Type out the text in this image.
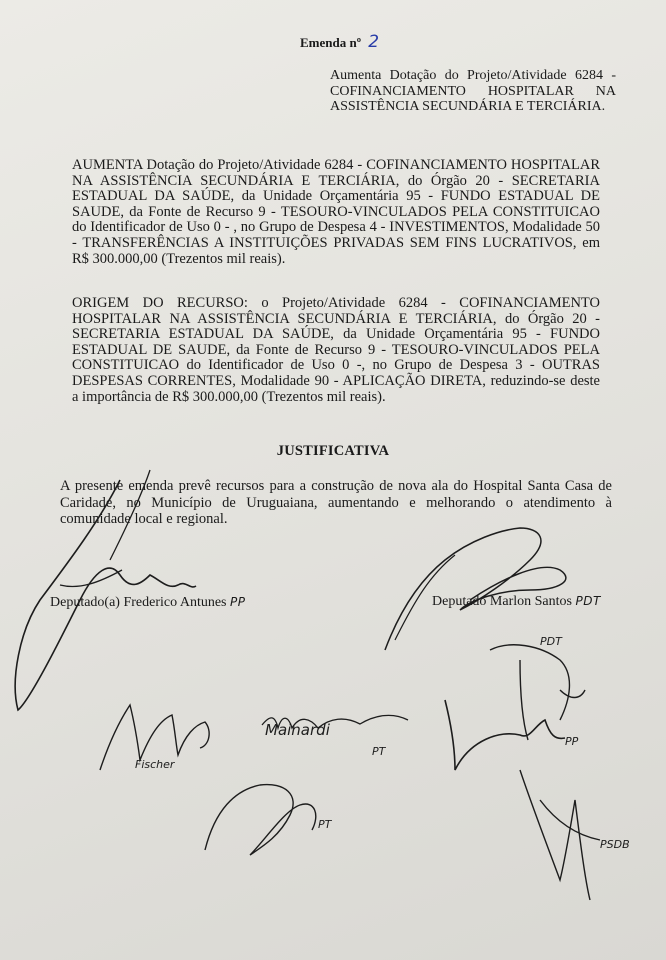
Emenda nº 2
Aumenta Dotação do Projeto/Atividade 6284 - COFINANCIAMENTO HOSPITALAR NA ASSISTÊNCIA SECUNDÁRIA E TERCIÁRIA.
AUMENTA Dotação do Projeto/Atividade 6284 - COFINANCIAMENTO HOSPITALAR NA ASSISTÊNCIA SECUNDÁRIA E TERCIÁRIA, do Órgão 20 - SECRETARIA ESTADUAL DA SAÚDE, da Unidade Orçamentária 95 - FUNDO ESTADUAL DE SAUDE, da Fonte de Recurso 9 - TESOURO-VINCULADOS PELA CONSTITUICAO do Identificador de Uso 0 - , no Grupo de Despesa 4 - INVESTIMENTOS, Modalidade 50 - TRANSFERÊNCIAS A INSTITUIÇÕES PRIVADAS SEM FINS LUCRATIVOS, em R$ 300.000,00 (Trezentos mil reais).
ORIGEM DO RECURSO: o Projeto/Atividade 6284 - COFINANCIAMENTO HOSPITALAR NA ASSISTÊNCIA SECUNDÁRIA E TERCIÁRIA, do Órgão 20 - SECRETARIA ESTADUAL DA SAÚDE, da Unidade Orçamentária 95 - FUNDO ESTADUAL DE SAUDE, da Fonte de Recurso 9 - TESOURO-VINCULADOS PELA CONSTITUICAO do Identificador de Uso 0 -, no Grupo de Despesa 3 - OUTRAS DESPESAS CORRENTES, Modalidade 90 - APLICAÇÃO DIRETA, reduzindo-se deste a importância de R$ 300.000,00 (Trezentos mil reais).
JUSTIFICATIVA
A presente emenda prevê recursos para a construção de nova ala do Hospital Santa Casa de Caridade, no Município de Uruguaiana, aumentando e melhorando o atendimento à comunidade local e regional.
Deputado(a) Frederico Antunes PP	Deputado Marlon Santos PDT
PDT
Fischer
Mainardi
PT
PP
PT
PSDB
